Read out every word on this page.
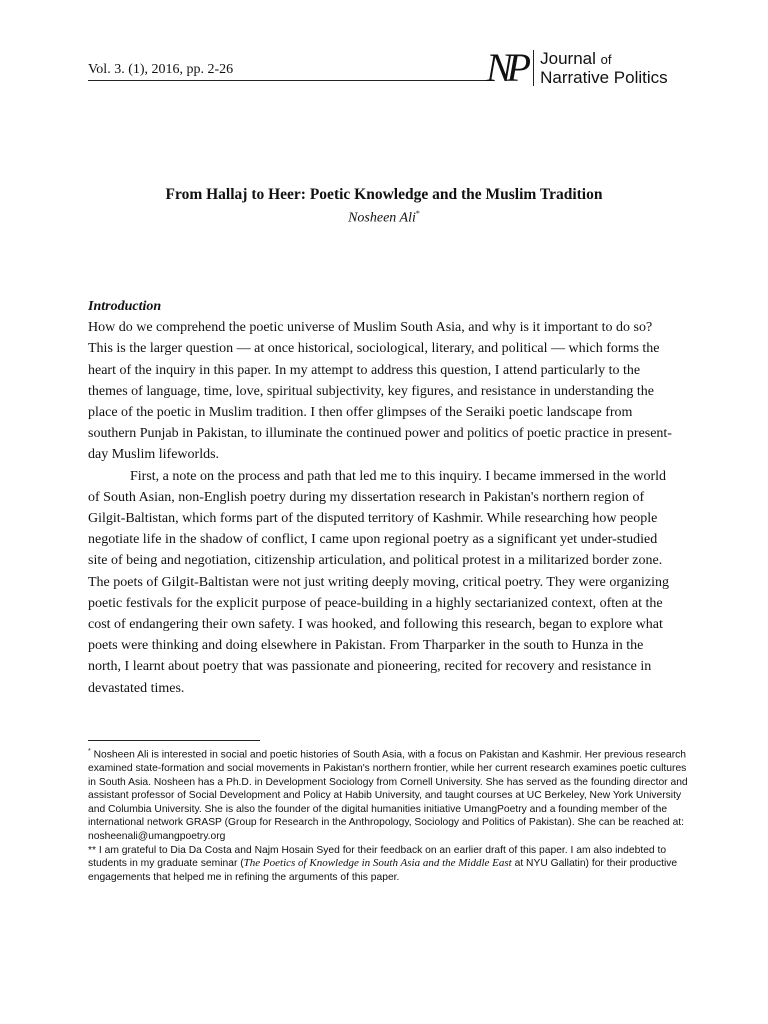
Vol. 3. (1), 2016, pp. 2-26	NP Journal of
Narrative Politics
From Hallaj to Heer: Poetic Knowledge and the Muslim Tradition
Nosheen Ali*

Introduction

How do we comprehend the poetic universe of Muslim South Asia, and why is it important to do so? This is the larger question — at once historical, sociological, literary, and political — which forms the heart of the inquiry in this paper. In my attempt to address this question, I attend particularly to the themes of language, time, love, spiritual subjectivity, key figures, and resistance in understanding the place of the poetic in Muslim tradition. I then offer glimpses of the Seraiki poetic landscape from southern Punjab in Pakistan, to illuminate the continued power and politics of poetic practice in present-day Muslim lifeworlds.

First, a note on the process and path that led me to this inquiry. I became immersed in the world of South Asian, non-English poetry during my dissertation research in Pakistan's northern region of Gilgit-Baltistan, which forms part of the disputed territory of Kashmir. While researching how people negotiate life in the shadow of conflict, I came upon regional poetry as a significant yet under-studied site of being and negotiation, citizenship articulation, and political protest in a militarized border zone. The poets of Gilgit-Baltistan were not just writing deeply moving, critical poetry. They were organizing poetic festivals for the explicit purpose of peace-building in a highly sectarianized context, often at the cost of endangering their own safety. I was hooked, and following this research, began to explore what poets were thinking and doing elsewhere in Pakistan. From Tharparker in the south to Hunza in the north, I learnt about poetry that was passionate and pioneering, recited for recovery and resistance in devastated times.

* Nosheen Ali is interested in social and poetic histories of South Asia, with a focus on Pakistan and Kashmir. Her previous research examined state-formation and social movements in Pakistan's northern frontier, while her current research examines poetic cultures in South Asia. Nosheen has a Ph.D. in Development Sociology from Cornell University. She has served as the founding director and assistant professor of Social Development and Policy at Habib University, and taught courses at UC Berkeley, New York University and Columbia University. She is also the founder of the digital humanities initiative UmangPoetry and a founding member of the international network GRASP (Group for Research in the Anthropology, Sociology and Politics of Pakistan). She can be reached at: nosheenali@umangpoetry.org

** I am grateful to Dia Da Costa and Najm Hosain Syed for their feedback on an earlier draft of this paper. I am also indebted to students in my graduate seminar (The Poetics of Knowledge in South Asia and the Middle East at NYU Gallatin) for their productive engagements that helped me in refining the arguments of this paper.
